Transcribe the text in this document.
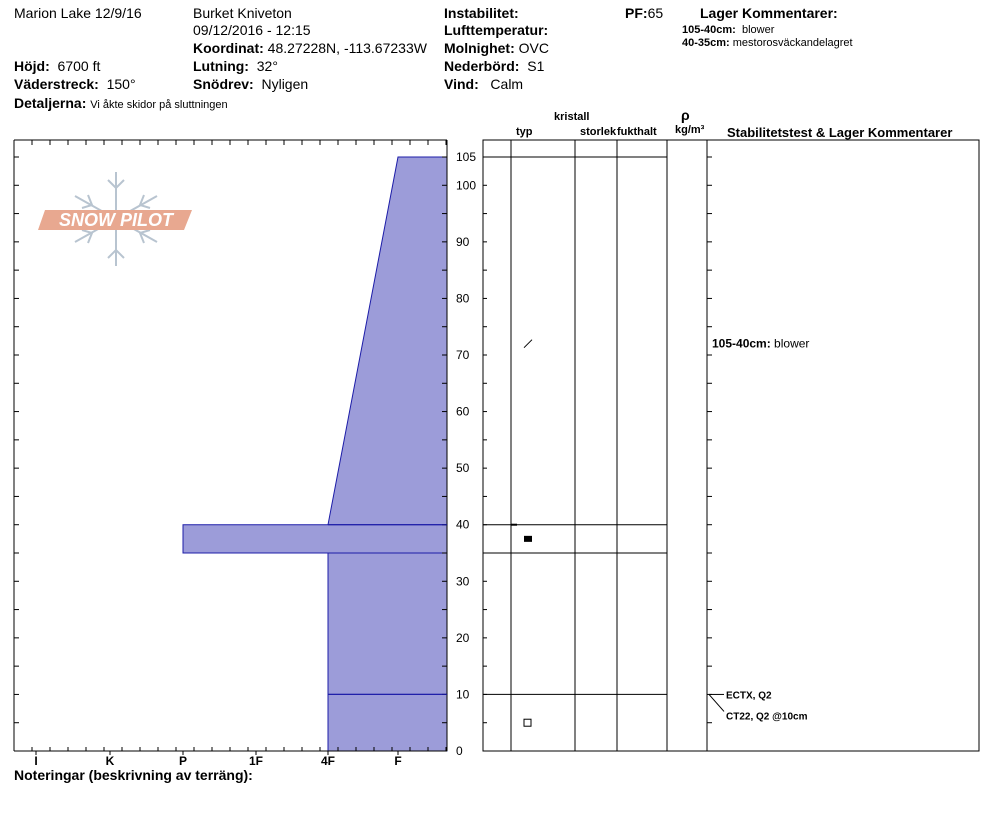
Marion Lake 12/9/16	Burket Kniveton
09/12/2016 - 12:15
Koordinat: 48.27228N, -113.67233W
Höjd: 6700 ft
Väderstreck: 150°
Detaljerna: Vi åkte skidor på sluttningen
Lutning: 32°
Snödrev: Nyligen
Instabilitet:
Lufttemperatur:
Molnighet: OVC
Nederbörd: S1
Vind: Calm
PF:65	Lager Kommentarer:
105-40cm: blower
40-35cm: mestorosväckandelagret
kristall
typ	storlek fukthalt
ρ
kg/m³ Stabilitetstest & Lager Kommentarer
SNOW PILOT
0
10
20
30
40
50
60
70
80
90
100
105
I	K	P	1F	4F	F
105-40cm: blower
ECTX, Q2
CT22, Q2 @10cm
Noteringar (beskrivning av terräng):
